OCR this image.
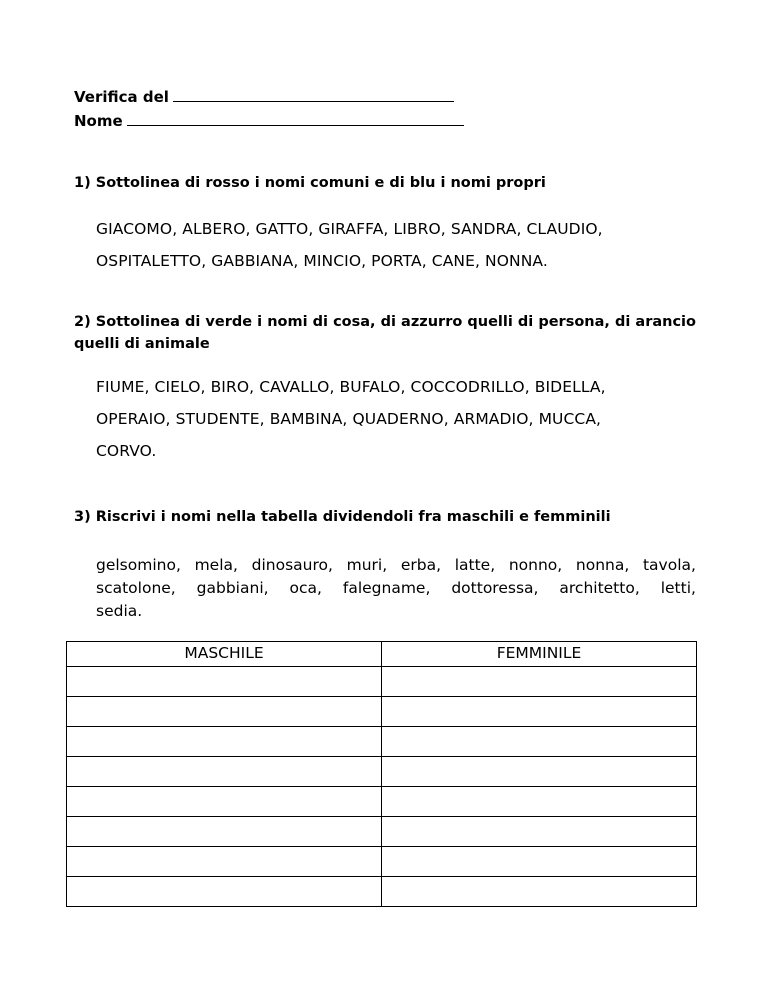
Verifica del
Nome
1) Sottolinea di rosso i nomi comuni e di blu i nomi propri
GIACOMO, ALBERO, GATTO, GIRAFFA, LIBRO, SANDRA, CLAUDIO,
OSPITALETTO, GABBIANA, MINCIO, PORTA, CANE, NONNA.
2) Sottolinea di verde i nomi di cosa, di azzurro quelli di persona, di arancio quelli di animale
FIUME, CIELO, BIRO, CAVALLO, BUFALO, COCCODRILLO, BIDELLA,
OPERAIO, STUDENTE, BAMBINA, QUADERNO, ARMADIO, MUCCA,
CORVO.
3) Riscrivi i nomi nella tabella dividendoli fra maschili e femminili
gelsomino, mela, dinosauro, muri, erba, latte, nonno, nonna, tavola,
scatolone, gabbiani, oca, falegname, dottoressa, architetto, letti,
sedia.
MASCHILE	FEMMINILE
